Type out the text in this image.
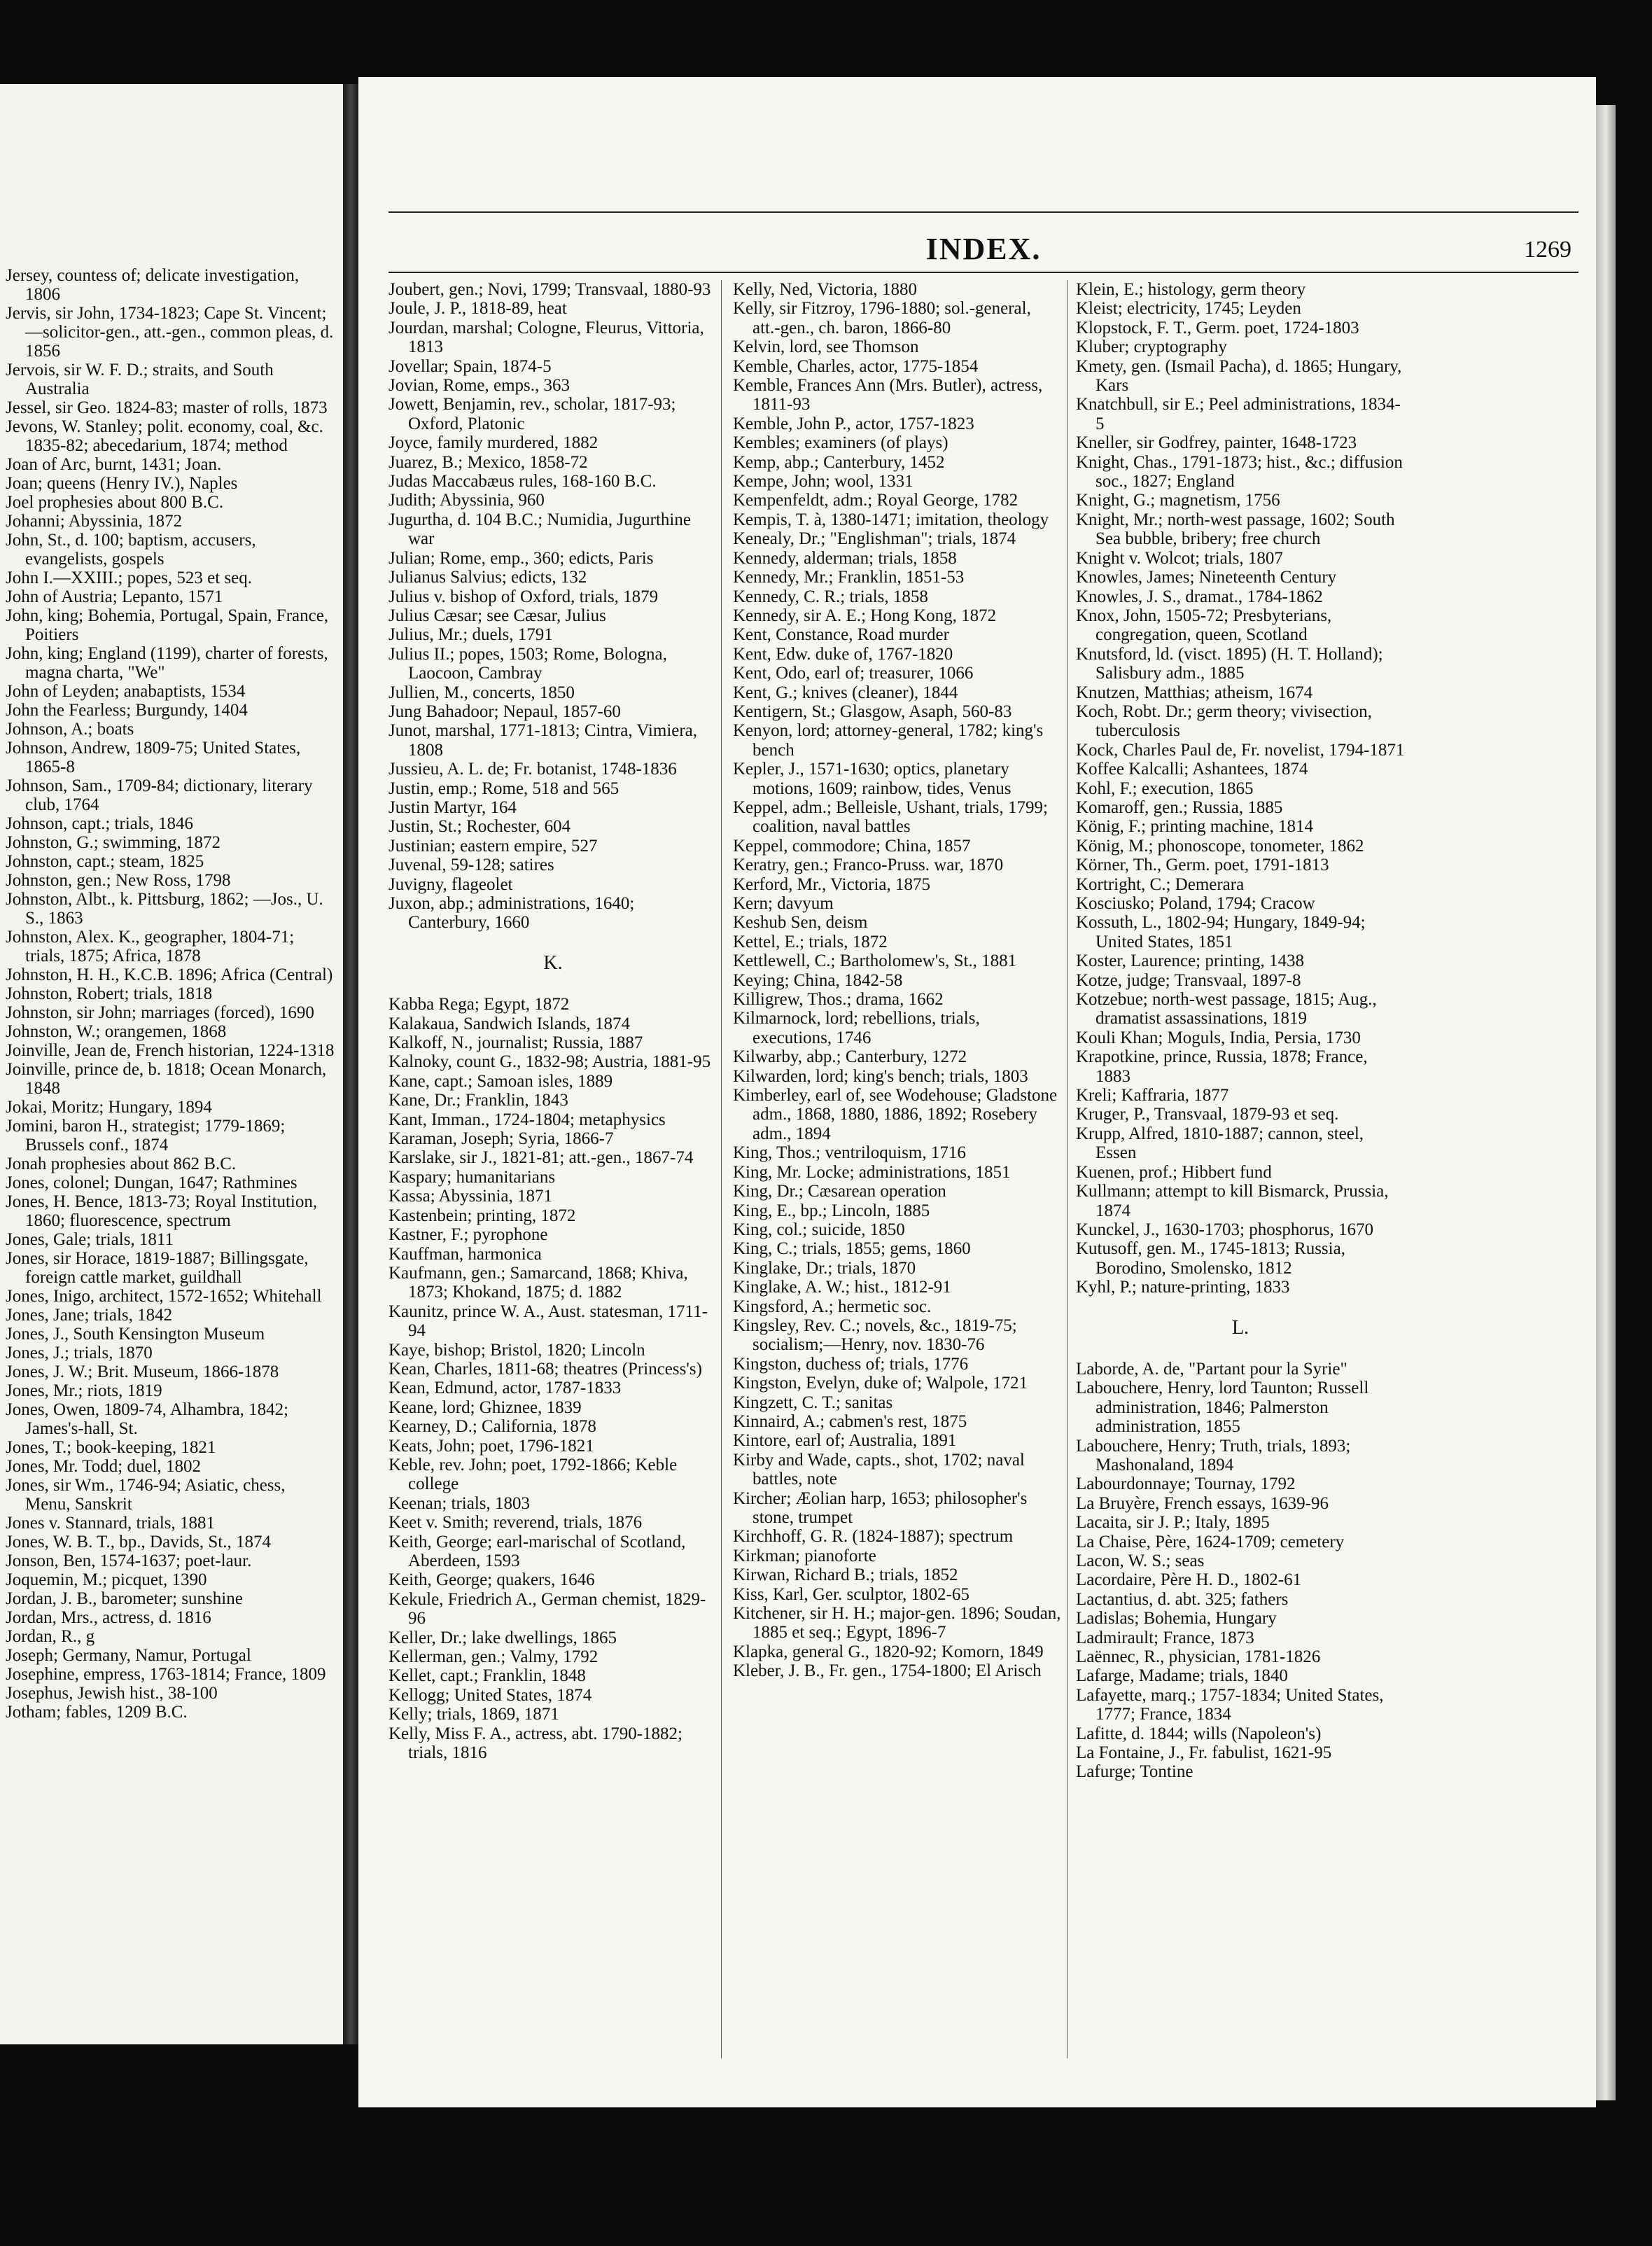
Jersey, countess of; delicate investigation, 1806
Jervis, sir John, 1734-1823; Cape St. Vincent;—solicitor-gen., att.-gen., common pleas, d. 1856
Jervois, sir W. F. D.; straits, and South Australia
Jessel, sir Geo. 1824-83; master of rolls, 1873
Jevons, W. Stanley; polit. economy, coal, &c. 1835-82; abecedarium, 1874; method
Joan of Arc, burnt, 1431; Joan.
Joan; queens (Henry IV.), Naples
Joel prophesies about 800 B.C.
Johanni; Abyssinia, 1872
John, St., d. 100; baptism, accusers, evangelists, gospels
John I.—XXIII.; popes, 523 et seq.
John of Austria; Lepanto, 1571
John, king; Bohemia, Portugal, Spain, France, Poitiers
John, king; England (1199), charter of forests, magna charta, "We"
John of Leyden; anabaptists, 1534
John the Fearless; Burgundy, 1404
Johnson, A.; boats
Johnson, Andrew, 1809-75; United States, 1865-8
Johnson, Sam., 1709-84; dictionary, literary club, 1764
Johnson, capt.; trials, 1846
Johnston, G.; swimming, 1872
Johnston, capt.; steam, 1825
Johnston, gen.; New Ross, 1798
Johnston, Albt., k. Pittsburg, 1862; —Jos., U. S., 1863
Johnston, Alex. K., geographer, 1804-71; trials, 1875; Africa, 1878
Johnston, H. H., K.C.B. 1896; Africa (Central)
Johnston, Robert; trials, 1818
Johnston, sir John; marriages (forced), 1690
Johnston, W.; orangemen, 1868
Joinville, Jean de, French historian, 1224-1318
Joinville, prince de, b. 1818; Ocean Monarch, 1848
Jokai, Moritz; Hungary, 1894
Jomini, baron H., strategist; 1779-1869; Brussels conf., 1874
Jonah prophesies about 862 B.C.
Jones, colonel; Dungan, 1647; Rathmines
Jones, H. Bence, 1813-73; Royal Institution, 1860; fluorescence, spectrum
Jones, Gale; trials, 1811
Jones, sir Horace, 1819-1887; Billingsgate, foreign cattle market, guildhall
Jones, Inigo, architect, 1572-1652; Whitehall
Jones, Jane; trials, 1842
Jones, J., South Kensington Museum
Jones, J.; trials, 1870
Jones, J. W.; Brit. Museum, 1866-1878
Jones, Mr.; riots, 1819
Jones, Owen, 1809-74, Alhambra, 1842; James's-hall, St.
Jones, T.; book-keeping, 1821
Jones, Mr. Todd; duel, 1802
Jones, sir Wm., 1746-94; Asiatic, chess, Menu, Sanskrit
Jones v. Stannard, trials, 1881
Jones, W. B. T., bp., Davids, St., 1874
Jonson, Ben, 1574-1637; poet-laur.
Joquemin, M.; picquet, 1390
Jordan, J. B., barometer; sunshine
Jordan, Mrs., actress, d. 1816
Jordan, R., g
Joseph; Germany, Namur, Portugal
Josephine, empress, 1763-1814; France, 1809
Josephus, Jewish hist., 38-100
Jotham; fables, 1209 B.C.
INDEX.	1269
Joubert, gen.; Novi, 1799; Transvaal, 1880-93
Joule, J. P., 1818-89, heat
Jourdan, marshal; Cologne, Fleurus, Vittoria, 1813
Jovellar; Spain, 1874-5
Jovian, Rome, emps., 363
Jowett, Benjamin, rev., scholar, 1817-93; Oxford, Platonic
Joyce, family murdered, 1882
Juarez, B.; Mexico, 1858-72
Judas Maccabæus rules, 168-160 B.C.
Judith; Abyssinia, 960
Jugurtha, d. 104 B.C.; Numidia, Jugurthine war
Julian; Rome, emp., 360; edicts, Paris
Julianus Salvius; edicts, 132
Julius v. bishop of Oxford, trials, 1879
Julius Cæsar; see Cæsar, Julius
Julius, Mr.; duels, 1791
Julius II.; popes, 1503; Rome, Bologna, Laocoon, Cambray
Jullien, M., concerts, 1850
Jung Bahadoor; Nepaul, 1857-60
Junot, marshal, 1771-1813; Cintra, Vimiera, 1808
Jussieu, A. L. de; Fr. botanist, 1748-1836
Justin, emp.; Rome, 518 and 565
Justin Martyr, 164
Justin, St.; Rochester, 604
Justinian; eastern empire, 527
Juvenal, 59-128; satires
Juvigny, flageolet
Juxon, abp.; administrations, 1640; Canterbury, 1660
K.
Kabba Rega; Egypt, 1872
Kalakaua, Sandwich Islands, 1874
Kalkoff, N., journalist; Russia, 1887
Kalnoky, count G., 1832-98; Austria, 1881-95
Kane, capt.; Samoan isles, 1889
Kane, Dr.; Franklin, 1843
Kant, Imman., 1724-1804; metaphysics
Karaman, Joseph; Syria, 1866-7
Karslake, sir J., 1821-81; att.-gen., 1867-74
Kaspary; humanitarians
Kassa; Abyssinia, 1871
Kastenbein; printing, 1872
Kastner, F.; pyrophone
Kauffman, harmonica
Kaufmann, gen.; Samarcand, 1868; Khiva, 1873; Khokand, 1875; d. 1882
Kaunitz, prince W. A., Aust. statesman, 1711-94
Kaye, bishop; Bristol, 1820; Lincoln
Kean, Charles, 1811-68; theatres (Princess's)
Kean, Edmund, actor, 1787-1833
Keane, lord; Ghiznee, 1839
Kearney, D.; California, 1878
Keats, John; poet, 1796-1821
Keble, rev. John; poet, 1792-1866; Keble college
Keenan; trials, 1803
Keet v. Smith; reverend, trials, 1876
Keith, George; earl-marischal of Scotland, Aberdeen, 1593
Keith, George; quakers, 1646
Kekule, Friedrich A., German chemist, 1829-96
Keller, Dr.; lake dwellings, 1865
Kellerman, gen.; Valmy, 1792
Kellet, capt.; Franklin, 1848
Kellogg; United States, 1874
Kelly; trials, 1869, 1871
Kelly, Miss F. A., actress, abt. 1790-1882; trials, 1816
Kelly, Ned, Victoria, 1880
Kelly, sir Fitzroy, 1796-1880; sol.-general, att.-gen., ch. baron, 1866-80
Kelvin, lord, see Thomson
Kemble, Charles, actor, 1775-1854
Kemble, Frances Ann (Mrs. Butler), actress, 1811-93
Kemble, John P., actor, 1757-1823
Kembles; examiners (of plays)
Kemp, abp.; Canterbury, 1452
Kempe, John; wool, 1331
Kempenfeldt, adm.; Royal George, 1782
Kempis, T. à, 1380-1471; imitation, theology
Kenealy, Dr.; "Englishman"; trials, 1874
Kennedy, alderman; trials, 1858
Kennedy, Mr.; Franklin, 1851-53
Kennedy, C. R.; trials, 1858
Kennedy, sir A. E.; Hong Kong, 1872
Kent, Constance, Road murder
Kent, Edw. duke of, 1767-1820
Kent, Odo, earl of; treasurer, 1066
Kent, G.; knives (cleaner), 1844
Kentigern, St.; Glasgow, Asaph, 560-83
Kenyon, lord; attorney-general, 1782; king's bench
Kepler, J., 1571-1630; optics, planetary motions, 1609; rainbow, tides, Venus
Keppel, adm.; Belleisle, Ushant, trials, 1799; coalition, naval battles
Keppel, commodore; China, 1857
Keratry, gen.; Franco-Pruss. war, 1870
Kerford, Mr., Victoria, 1875
Kern; davyum
Keshub Sen, deism
Kettel, E.; trials, 1872
Kettlewell, C.; Bartholomew's, St., 1881
Keying; China, 1842-58
Killigrew, Thos.; drama, 1662
Kilmarnock, lord; rebellions, trials, executions, 1746
Kilwarby, abp.; Canterbury, 1272
Kilwarden, lord; king's bench; trials, 1803
Kimberley, earl of, see Wodehouse; Gladstone adm., 1868, 1880, 1886, 1892; Rosebery adm., 1894
King, Thos.; ventriloquism, 1716
King, Mr. Locke; administrations, 1851
King, Dr.; Cæsarean operation
King, E., bp.; Lincoln, 1885
King, col.; suicide, 1850
King, C.; trials, 1855; gems, 1860
Kinglake, Dr.; trials, 1870
Kinglake, A. W.; hist., 1812-91
Kingsford, A.; hermetic soc.
Kingsley, Rev. C.; novels, &c., 1819-75; socialism;—Henry, nov. 1830-76
Kingston, duchess of; trials, 1776
Kingston, Evelyn, duke of; Walpole, 1721
Kingzett, C. T.; sanitas
Kinnaird, A.; cabmen's rest, 1875
Kintore, earl of; Australia, 1891
Kirby and Wade, capts., shot, 1702; naval battles, note
Kircher; Æolian harp, 1653; philosopher's stone, trumpet
Kirchhoff, G. R. (1824-1887); spectrum
Kirkman; pianoforte
Kirwan, Richard B.; trials, 1852
Kiss, Karl, Ger. sculptor, 1802-65
Kitchener, sir H. H.; major-gen. 1896; Soudan, 1885 et seq.; Egypt, 1896-7
Klapka, general G., 1820-92; Komorn, 1849
Kleber, J. B., Fr. gen., 1754-1800; El Arisch
Klein, E.; histology, germ theory
Kleist; electricity, 1745; Leyden
Klopstock, F. T., Germ. poet, 1724-1803
Kluber; cryptography
Kmety, gen. (Ismail Pacha), d. 1865; Hungary, Kars
Knatchbull, sir E.; Peel administrations, 1834-5
Kneller, sir Godfrey, painter, 1648-1723
Knight, Chas., 1791-1873; hist., &c.; diffusion soc., 1827; England
Knight, G.; magnetism, 1756
Knight, Mr.; north-west passage, 1602; South Sea bubble, bribery; free church
Knight v. Wolcot; trials, 1807
Knowles, James; Nineteenth Century
Knowles, J. S., dramat., 1784-1862
Knox, John, 1505-72; Presbyterians, congregation, queen, Scotland
Knutsford, ld. (visct. 1895) (H. T. Holland); Salisbury adm., 1885
Knutzen, Matthias; atheism, 1674
Koch, Robt. Dr.; germ theory; vivisection, tuberculosis
Kock, Charles Paul de, Fr. novelist, 1794-1871
Koffee Kalcalli; Ashantees, 1874
Kohl, F.; execution, 1865
Komaroff, gen.; Russia, 1885
König, F.; printing machine, 1814
König, M.; phonoscope, tonometer, 1862
Körner, Th., Germ. poet, 1791-1813
Kortright, C.; Demerara
Kosciusko; Poland, 1794; Cracow
Kossuth, L., 1802-94; Hungary, 1849-94; United States, 1851
Koster, Laurence; printing, 1438
Kotze, judge; Transvaal, 1897-8
Kotzebue; north-west passage, 1815; Aug., dramatist assassinations, 1819
Kouli Khan; Moguls, India, Persia, 1730
Krapotkine, prince, Russia, 1878; France, 1883
Kreli; Kaffraria, 1877
Kruger, P., Transvaal, 1879-93 et seq.
Krupp, Alfred, 1810-1887; cannon, steel, Essen
Kuenen, prof.; Hibbert fund
Kullmann; attempt to kill Bismarck, Prussia, 1874
Kunckel, J., 1630-1703; phosphorus, 1670
Kutusoff, gen. M., 1745-1813; Russia, Borodino, Smolensko, 1812
Kyhl, P.; nature-printing, 1833
L.
Laborde, A. de, "Partant pour la Syrie"
Labouchere, Henry, lord Taunton; Russell administration, 1846; Palmerston administration, 1855
Labouchere, Henry; Truth, trials, 1893; Mashonaland, 1894
Labourdonnaye; Tournay, 1792
La Bruyère, French essays, 1639-96
Lacaita, sir J. P.; Italy, 1895
La Chaise, Père, 1624-1709; cemetery
Lacon, W. S.; seas
Lacordaire, Père H. D., 1802-61
Lactantius, d. abt. 325; fathers
Ladislas; Bohemia, Hungary
Ladmirault; France, 1873
Laënnec, R., physician, 1781-1826
Lafarge, Madame; trials, 1840
Lafayette, marq.; 1757-1834; United States, 1777; France, 1834
Lafitte, d. 1844; wills (Napoleon's)
La Fontaine, J., Fr. fabulist, 1621-95
Lafurge; Tontine
